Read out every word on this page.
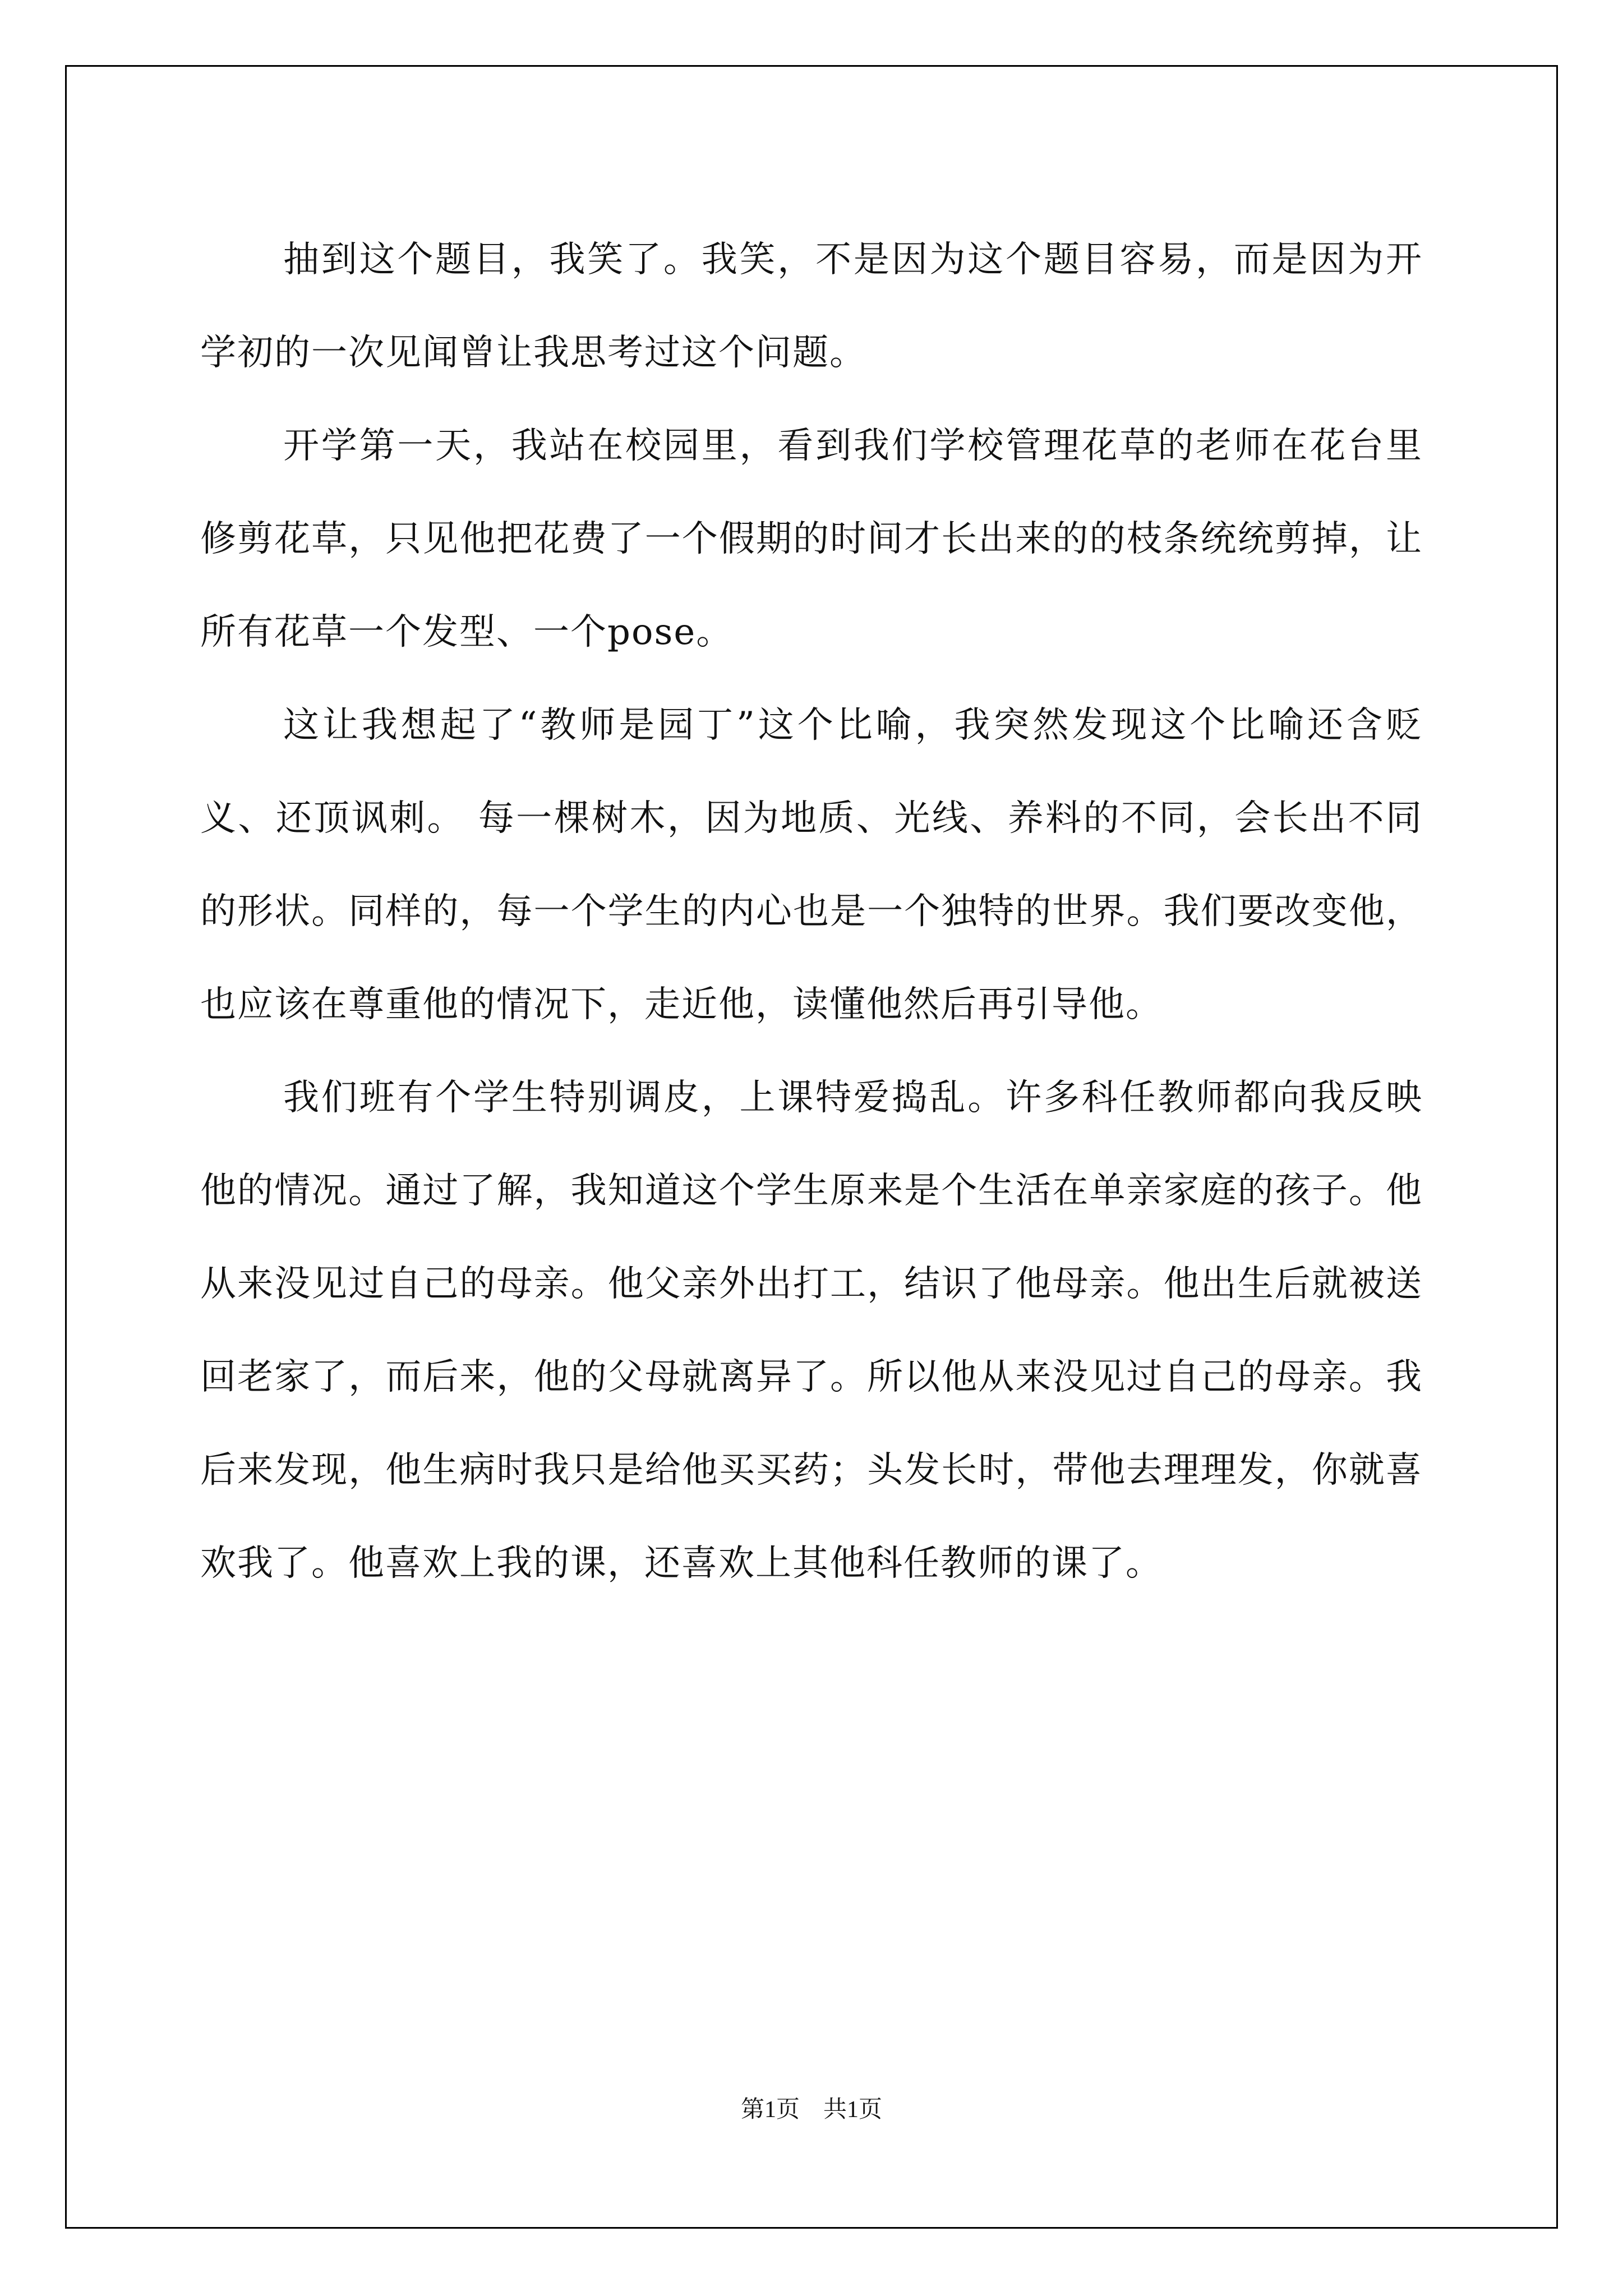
抽到这个题目，我笑了。我笑，不是因为这个题目容易，而是因为开学初的一次见闻曾让我思考过这个问题。

开学第一天，我站在校园里，看到我们学校管理花草的老师在花台里修剪花草，只见他把花费了一个假期的时间才长出来的的枝条统统剪掉，让所有花草一个发型、一个pose。

这让我想起了“教师是园丁”这个比喻，我突然发现这个比喻还含贬义、还顶讽刺。 每一棵树木，因为地质、光线、养料的不同，会长出不同的形状。同样的，每一个学生的内心也是一个独特的世界。我们要改变他，也应该在尊重他的情况下，走近他，读懂他然后再引导他。

我们班有个学生特别调皮，上课特爱捣乱。许多科任教师都向我反映他的情况。通过了解，我知道这个学生原来是个生活在单亲家庭的孩子。他从来没见过自己的母亲。他父亲外出打工，结识了他母亲。他出生后就被送回老家了，而后来，他的父母就离异了。所以他从来没见过自己的母亲。我后来发现，他生病时我只是给他买买药；头发长时，带他去理理发，你就喜欢我了。他喜欢上我的课，还喜欢上其他科任教师的课了。

第1页　共1页
